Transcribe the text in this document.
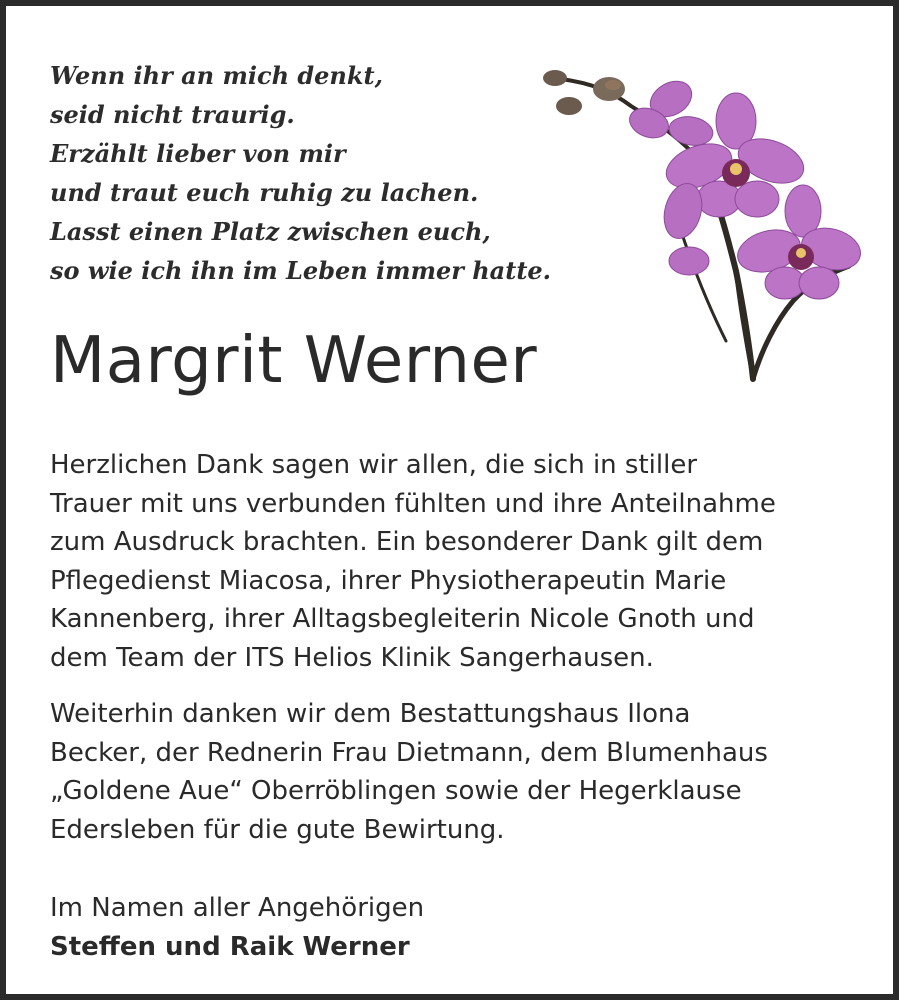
Wenn ihr an mich denkt,
seid nicht traurig.
Erzählt lieber von mir
und traut euch ruhig zu lachen.
Lasst einen Platz zwischen euch,
so wie ich ihn im Leben immer hatte.
Margrit Werner
Herzlichen Dank sagen wir allen, die sich in stiller
Trauer mit uns verbunden fühlten und ihre Anteilnahme
zum Ausdruck brachten. Ein besonderer Dank gilt dem
Pflegedienst Miacosa, ihrer Physiotherapeutin Marie
Kannenberg, ihrer Alltagsbegleiterin Nicole Gnoth und
dem Team der ITS Helios Klinik Sangerhausen.
Weiterhin danken wir dem Bestattungshaus Ilona
Becker, der Rednerin Frau Dietmann, dem Blumenhaus
„Goldene Aue“ Oberröblingen sowie der Hegerklause
Edersleben für die gute Bewirtung.
Im Namen aller Angehörigen
Steffen und Raik Werner
